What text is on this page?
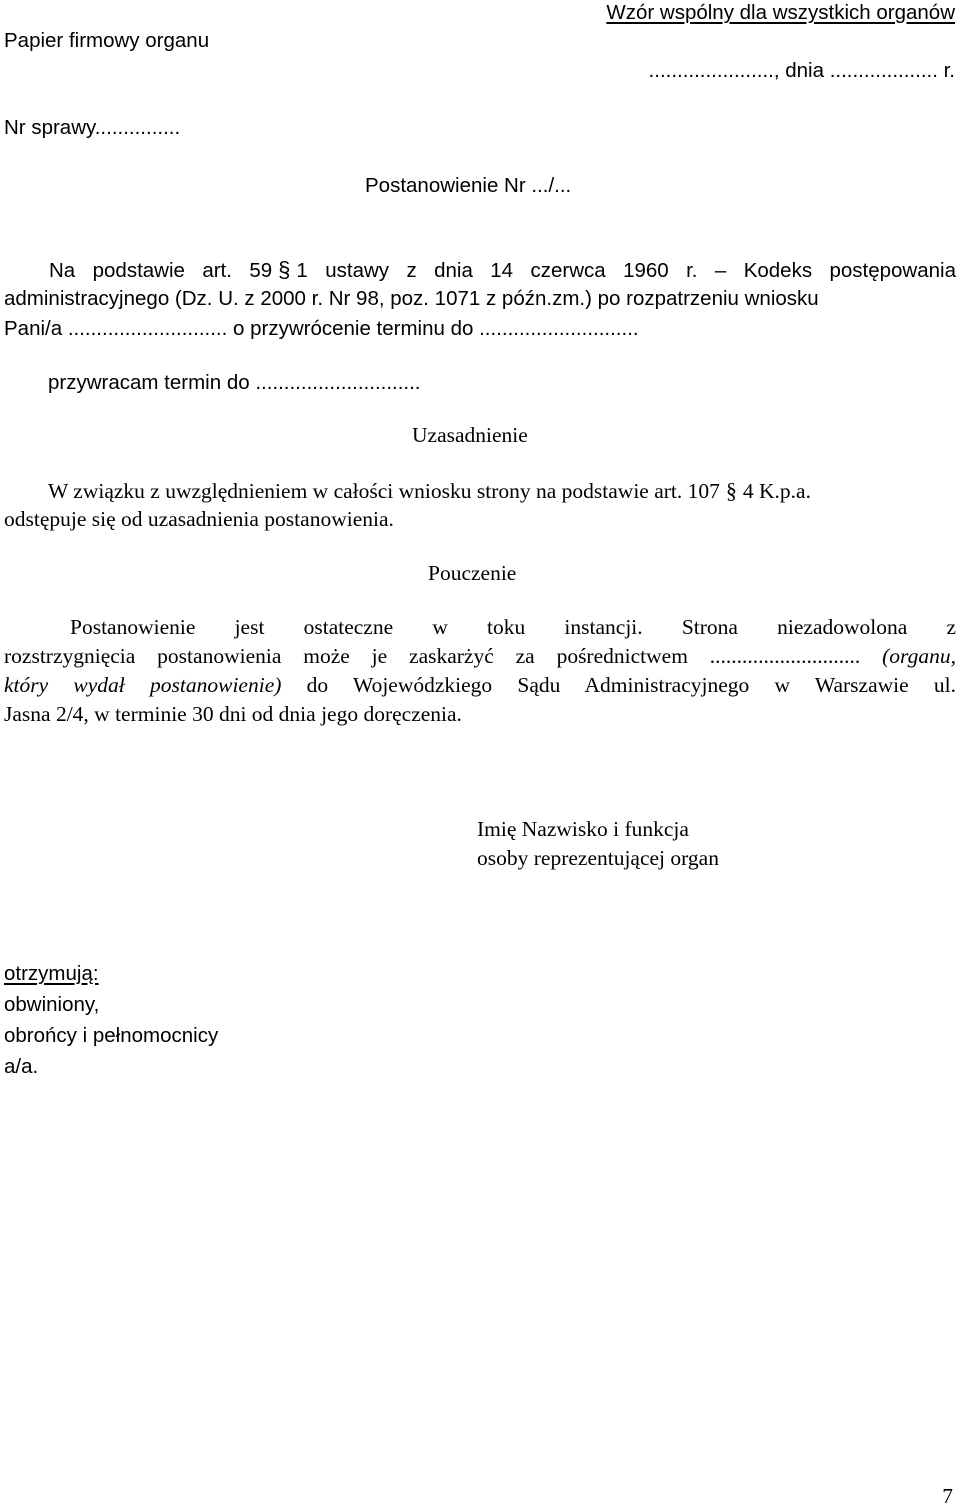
Wzór wspólny dla wszystkich organów
Papier firmowy organu
......................, dnia ................... r.
Nr sprawy...............
Postanowienie Nr .../...
Na podstawie art. 59 § 1 ustawy z dnia 14 czerwca 1960 r. – Kodeks postępowania
administracyjnego (Dz. U. z 2000 r. Nr 98, poz. 1071 z późn.zm.) po rozpatrzeniu wniosku
Pani/a ............................ o przywrócenie terminu do ............................
przywracam termin do .............................
Uzasadnienie
W związku z uwzględnieniem w całości wniosku strony na podstawie art. 107 § 4 K.p.a.
odstępuje się od uzasadnienia postanowienia.
Pouczenie
Postanowienie jest ostateczne w toku instancji. Strona niezadowolona z
rozstrzygnięcia postanowienia może je zaskarżyć za pośrednictwem ............................ (organu,
który wydał postanowienie) do Wojewódzkiego Sądu Administracyjnego w Warszawie ul.
Jasna 2/4, w terminie 30 dni od dnia jego doręczenia.
Imię Nazwisko i funkcja
osoby reprezentującej organ
otrzymują:
obwiniony,
obrońcy i pełnomocnicy
a/a.
7
